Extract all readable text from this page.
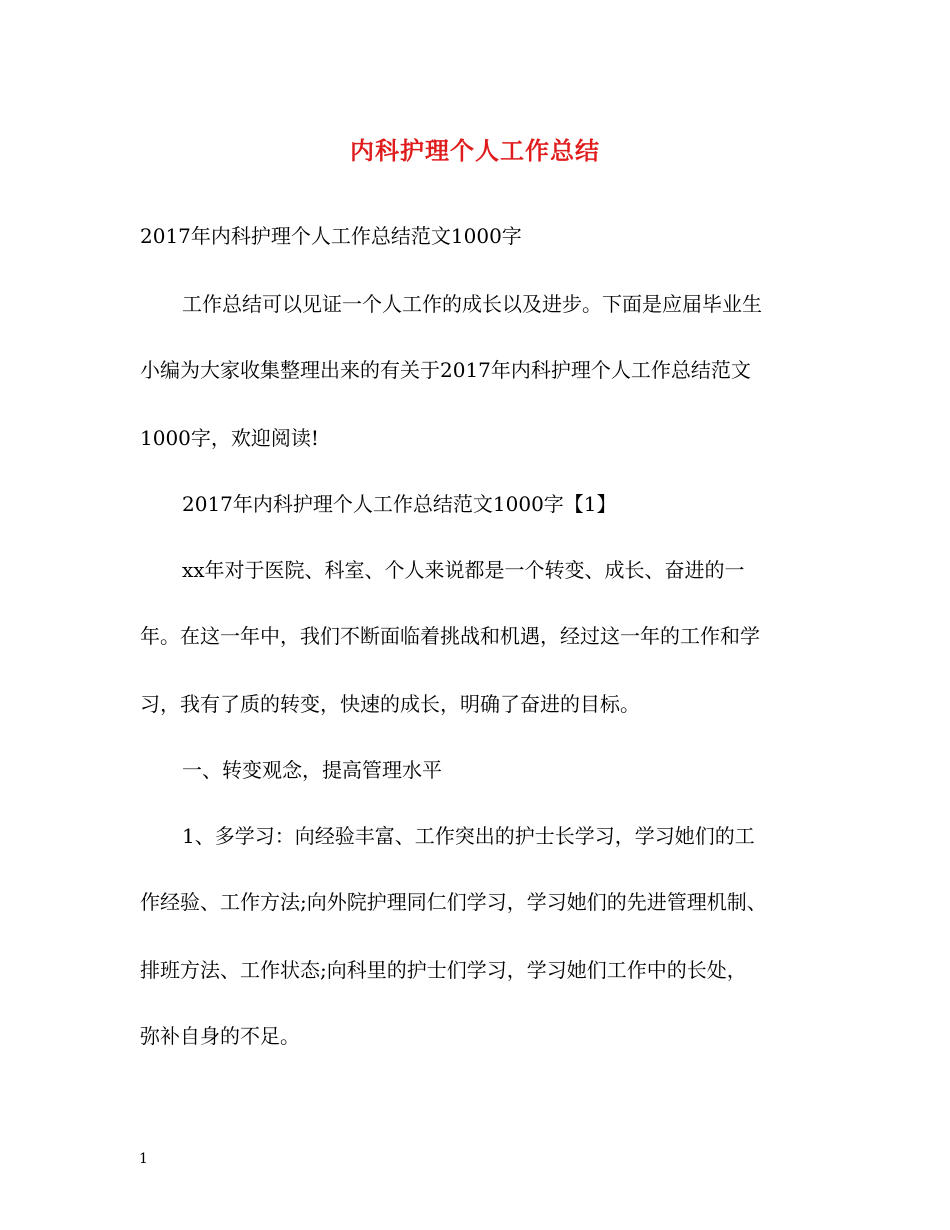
内科护理个人工作总结
2017年内科护理个人工作总结范文1000字
工作总结可以见证一个人工作的成长以及进步。下面是应届毕业生
小编为大家收集整理出来的有关于2017年内科护理个人工作总结范文
1000字，欢迎阅读!
2017年内科护理个人工作总结范文1000字【1】
xx年对于医院、科室、个人来说都是一个转变、成长、奋进的一
年。在这一年中，我们不断面临着挑战和机遇，经过这一年的工作和学
习，我有了质的转变，快速的成长，明确了奋进的目标。
一、转变观念，提高管理水平
1、多学习：向经验丰富、工作突出的护士长学习，学习她们的工
作经验、工作方法;向外院护理同仁们学习，学习她们的先进管理机制、
排班方法、工作状态;向科里的护士们学习，学习她们工作中的长处，
弥补自身的不足。
1
